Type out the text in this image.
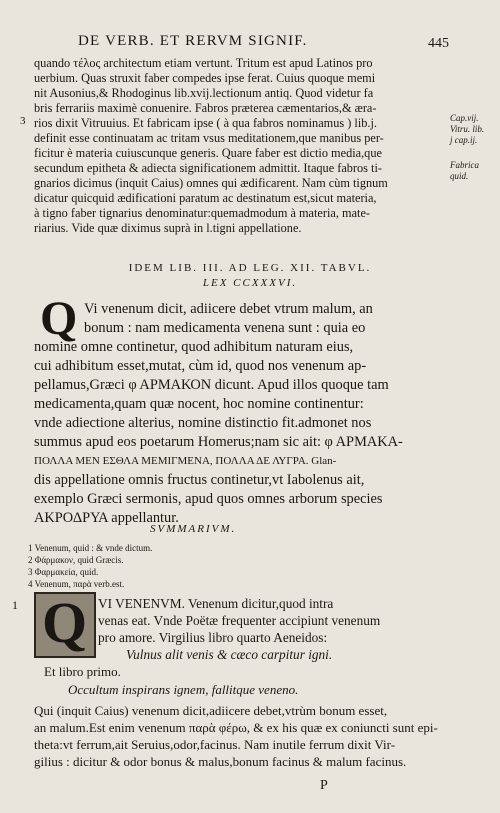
DE VERB. ET RERVM SIGNIF.	445
quando τέλος architectum etiam vertunt. Tritum est apud Latinos pro
uerbium. Quas struxit faber compedes ipse ferat. Cuius quoque memi
nit Ausonius,& Rhodoginus lib.xvij.lectionum antiq. Quod videtur fa
bris ferrariis maximè conuenire. Fabros præterea cæmentarios,& æra-
rios dixit Vitruuius. Et fabricam ipse ( à qua fabros nominamus ) lib.j.
definit esse continuatam ac tritam vsus meditationem,que manibus per-
ficitur è materia cuiuscunque generis. Quare faber est dictio media,que
secundum epitheta & adiecta significationem admittit. Itaque fabros ti-
gnarios dicimus (inquit Caius) omnes qui ædificarent. Nam cùm tignum
dicatur quicquid ædificationi paratum ac destinatum est,sicut materia,
à tigno faber tignarius denominatur:quemadmodum à materia, mate-
riarius. Vide quæ diximus suprà in l.tigni appellatione.
3	Cap.vij.
Vitru. lib.
j cap.ij.
Fabrica
quid.
IDEM LIB. III. AD LEG. XII. TABVL.
LEX CCXXXVI.
Q Vi venenum dicit, adiicere debet vtrum malum, an
bonum : nam medicamenta venena sunt : quia eo
nomine omne continetur, quod adhibitum naturam eius,
cui adhibitum esset,mutat, cùm id, quod nos venenum ap-
pellamus,Græci φ ΑΡΜΑΚΟΝ dicunt. Apud illos quoque tam
medicamenta,quam quæ nocent, hoc nomine continentur:
vnde adiectione alterius, nomine distinctio fit.admonet nos
summus apud eos poetarum Homerus;nam sic ait: φ ΑΡΜΑΚΑ-
ΠΟΛΛΑ ΜΕΝ ΕΣΘΛΑ ΜΕΜΙΓΜΕΝΑ, ΠΟΛΛΑ ΔΕ ΛΥΓΡΑ. Glan-
dis appellatione omnis fructus continetur,vt Iabolenus ait,
exemplo Græci sermonis, apud quos omnes arborum species
ΑΚΡΟΔΡΥΑ appellantur.
SVMMARIVM.
1 Venenum, quid : & vnde dictum.
2 Φάρμακον, quid Græcis.
3 Φαρμακεία, quid.
4 Venenum, παρὰ verb.est.
1 Q VI VENENVM. Venenum dicitur,quod intra
venas eat. Vnde Poëtæ frequenter accipiunt venenum
pro amore. Virgilius libro quarto Aeneidos:
Vulnus alit venis & cæco carpitur igni.
Et libro primo.
Occultum inspirans ignem, fallitque veneno.
Qui (inquit Caius) venenum dicit,adiicere debet,vtrùm bonum esset,
an malum.Est enim venenum παρὰ φέρω, & ex his quæ ex coniuncti sunt epi-
theta:vt ferrum,ait Seruius,odor,facinus. Nam inutile ferrum dixit Vir-
gilius : dicitur & odor bonus & malus,bonum facinus & malum facinus.
P
